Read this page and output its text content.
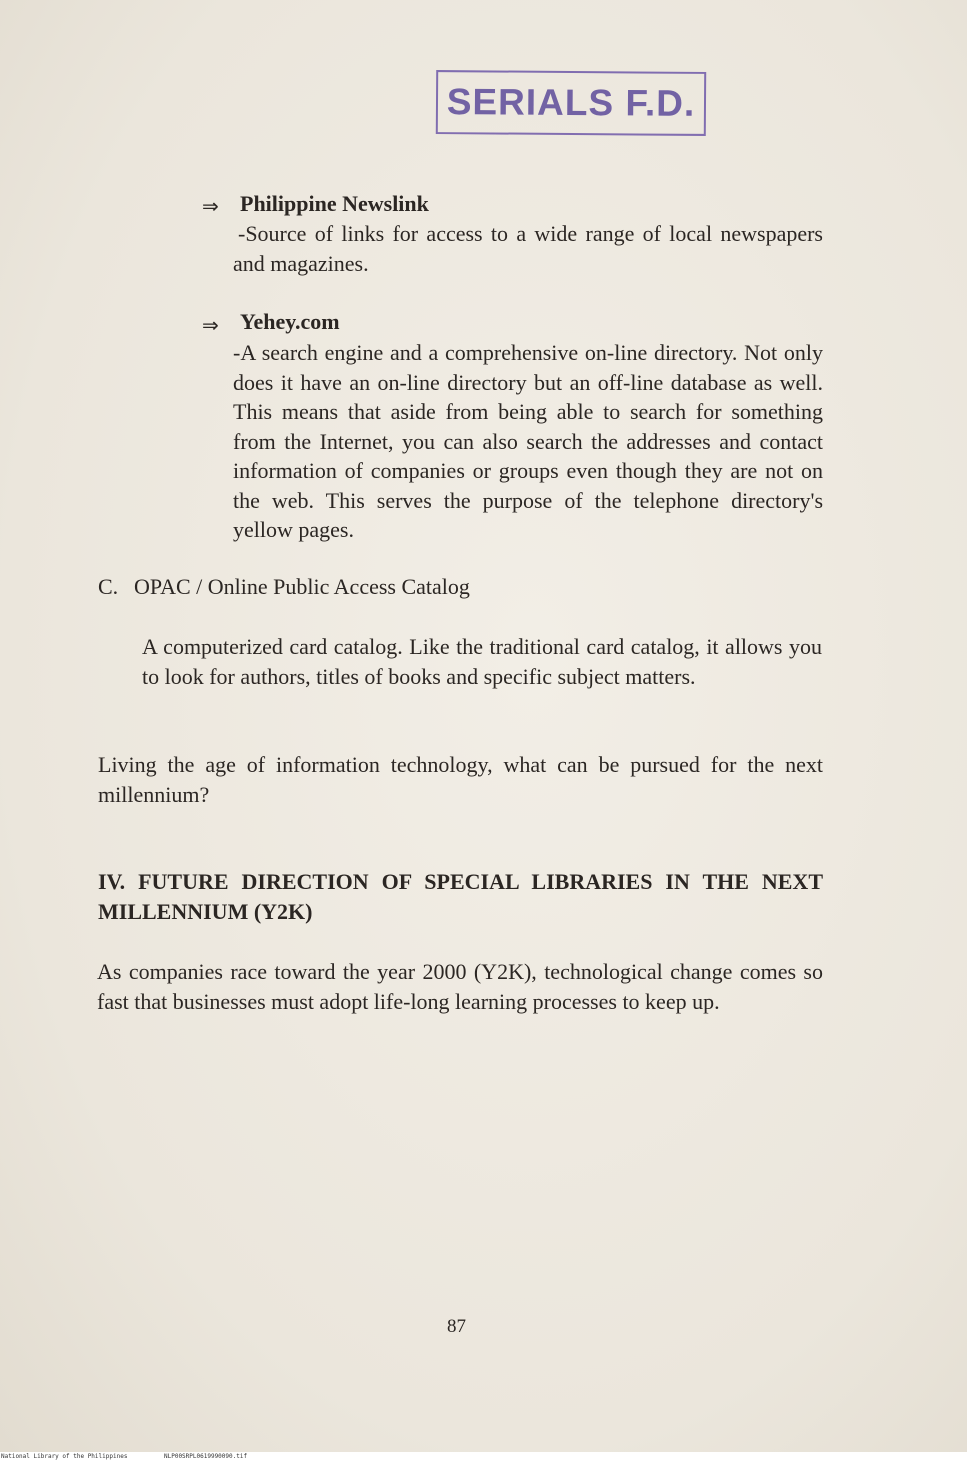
SERIALS F.D.
⇒ Philippine Newslink
-Source of links for access to a wide range of local newspapers and magazines.
⇒ Yehey.com
-A search engine and a comprehensive on-line directory. Not only does it have an on-line directory but an off-line database as well. This means that aside from being able to search for something from the Internet, you can also search the addresses and contact information of companies or groups even though they are not on the web. This serves the purpose of the telephone directory's yellow pages.
C. OPAC / Online Public Access Catalog
A computerized card catalog. Like the traditional card catalog, it allows you to look for authors, titles of books and specific subject matters.
Living the age of information technology, what can be pursued for the next millennium?
IV. FUTURE DIRECTION OF SPECIAL LIBRARIES IN THE NEXT MILLENNIUM (Y2K)
As companies race toward the year 2000 (Y2K), technological change comes so fast that businesses must adopt life-long learning processes to keep up.
87
National Library of the Philippines	NLP00SRPL0619990090.tif
